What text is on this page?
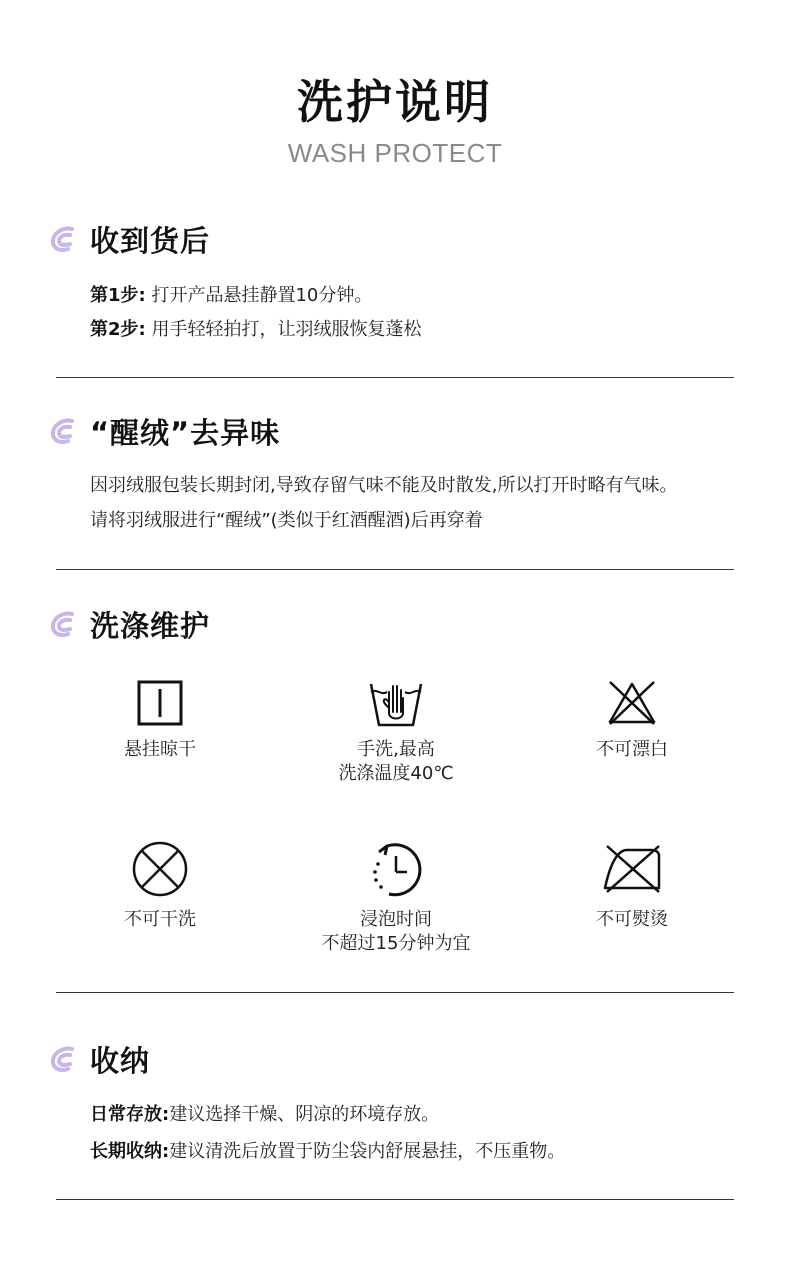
洗护说明
WASH PROTECT
收到货后
第1步: 打开产品悬挂静置10分钟。
第2步: 用手轻轻拍打，让羽绒服恢复蓬松
“醒绒”去异味
因羽绒服包装长期封闭,导致存留气味不能及时散发,所以打开时略有气味。
请将羽绒服进行“醒绒”(类似于红酒醒酒)后再穿着
洗涤维护
悬挂晾干	手洗,最高
洗涤温度40℃
不可漂白
不可干洗	浸泡时间
不超过15分钟为宜
不可熨烫
收纳
日常存放:建议选择干燥、阴凉的环境存放。
长期收纳:建议清洗后放置于防尘袋内舒展悬挂，不压重物。
